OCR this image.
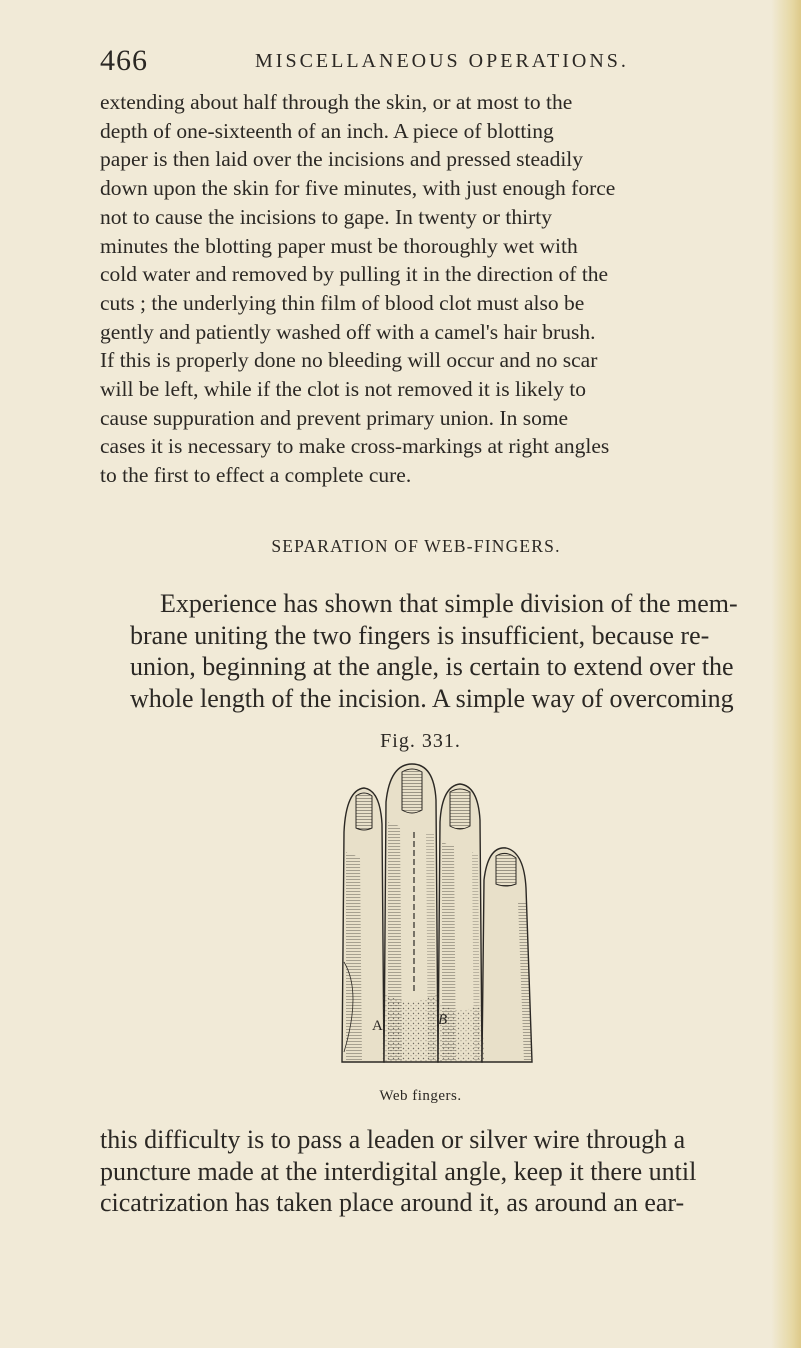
466	MISCELLANEOUS OPERATIONS.
extending about half through the skin, or at most to the
depth of one-sixteenth of an inch. A piece of blotting
paper is then laid over the incisions and pressed steadily
down upon the skin for five minutes, with just enough force
not to cause the incisions to gape. In twenty or thirty
minutes the blotting paper must be thoroughly wet with
cold water and removed by pulling it in the direction of the
cuts ; the underlying thin film of blood clot must also be
gently and patiently washed off with a camel's hair brush.
If this is properly done no bleeding will occur and no scar
will be left, while if the clot is not removed it is likely to
cause suppuration and prevent primary union. In some
cases it is necessary to make cross-markings at right angles
to the first to effect a complete cure.
SEPARATION OF WEB-FINGERS.
Experience has shown that simple division of the mem-
brane uniting the two fingers is insufficient, because re-
union, beginning at the angle, is certain to extend over the
whole length of the incision. A simple way of overcoming
Fig. 331.
A	B
Web fingers.
this difficulty is to pass a leaden or silver wire through a
puncture made at the interdigital angle, keep it there until
cicatrization has taken place around it, as around an ear-
